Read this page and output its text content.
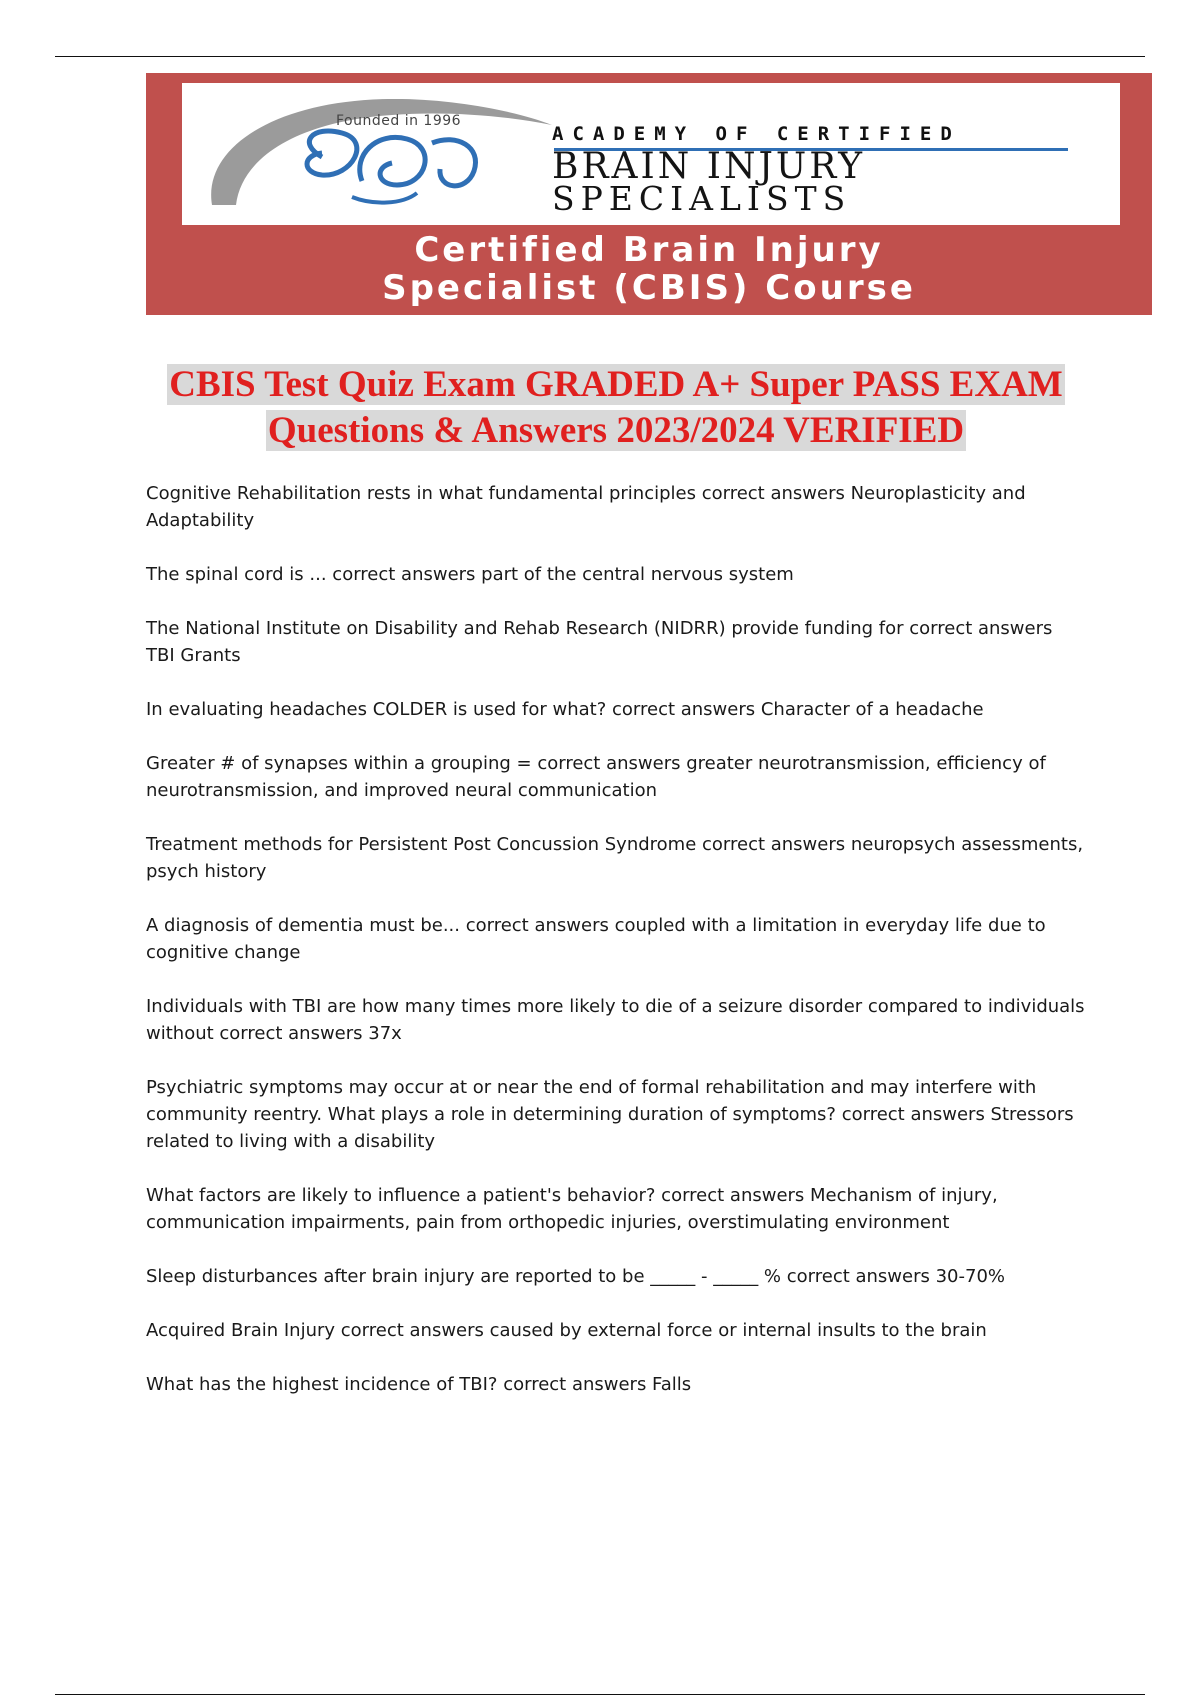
Founded in 1996
ACADEMY OF CERTIFIED
BRAIN INJURY
SPECIALISTS
Certified Brain Injury
Specialist (CBIS) Course
CBIS Test Quiz Exam GRADED A+ Super PASS EXAM
Questions & Answers 2023/2024 VERIFIED
Cognitive Rehabilitation rests in what fundamental principles correct answers Neuroplasticity and Adaptability
The spinal cord is ... correct answers part of the central nervous system
The National Institute on Disability and Rehab Research (NIDRR) provide funding for correct answers TBI Grants
In evaluating headaches COLDER is used for what? correct answers Character of a headache
Greater # of synapses within a grouping = correct answers greater neurotransmission, efficiency of neurotransmission, and improved neural communication
Treatment methods for Persistent Post Concussion Syndrome correct answers neuropsych assessments, psych history
A diagnosis of dementia must be... correct answers coupled with a limitation in everyday life due to cognitive change
Individuals with TBI are how many times more likely to die of a seizure disorder compared to individuals without correct answers 37x
Psychiatric symptoms may occur at or near the end of formal rehabilitation and may interfere with community reentry. What plays a role in determining duration of symptoms? correct answers Stressors related to living with a disability
What factors are likely to influence a patient's behavior? correct answers Mechanism of injury, communication impairments, pain from orthopedic injuries, overstimulating environment
Sleep disturbances after brain injury are reported to be _____ - _____ % correct answers 30-70%
Acquired Brain Injury correct answers caused by external force or internal insults to the brain
What has the highest incidence of TBI? correct answers Falls
